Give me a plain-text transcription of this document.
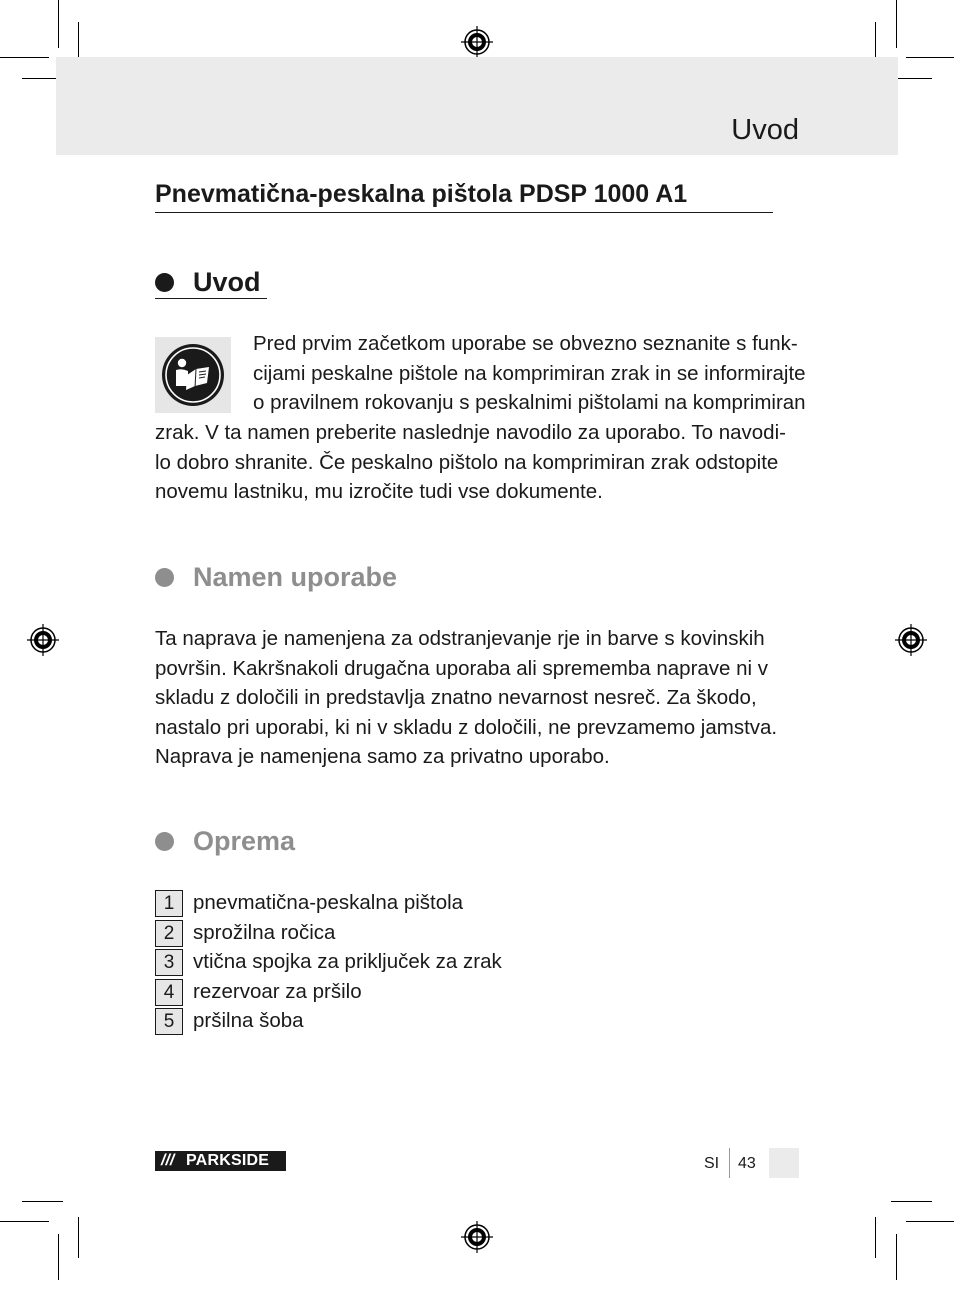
Uvod
Pnevmatična-peskalna pištola PDSP 1000 A1
Uvod
Pred prvim začetkom uporabe se obvezno seznanite s funk-
cijami peskalne pištole na komprimiran zrak in se informirajte
o pravilnem rokovanju s peskalnimi pištolami na komprimiran
zrak. V ta namen preberite naslednje navodilo za uporabo. To navodi-
lo dobro shranite. Če peskalno pištolo na komprimiran zrak odstopite
novemu lastniku, mu izročite tudi vse dokumente.
Namen uporabe
Ta naprava je namenjena za odstranjevanje rje in barve s kovinskih
površin. Kakršnakoli drugačna uporaba ali sprememba naprave ni v
skladu z določili in predstavlja znatno nevarnost nesreč. Za škodo,
nastalo pri uporabi, ki ni v skladu z določili, ne prevzamemo jamstva.
Naprava je namenjena samo za privatno uporabo.
Oprema
1 pnevmatična-peskalna pištola
2 sprožilna ročica
3 vtična spojka za priključek za zrak
4 rezervoar za pršilo
5 pršilna šoba
/// PARKSIDE	SI 43
